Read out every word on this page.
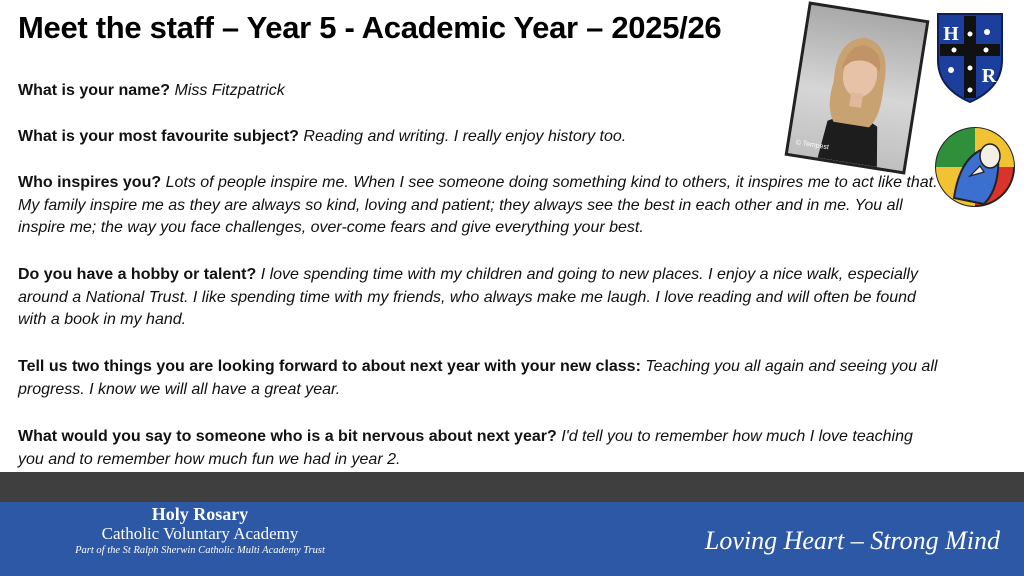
Meet the staff – Year 5 - Academic Year – 2025/26
What is your name? Miss Fitzpatrick
What is your most favourite subject? Reading and writing. I really enjoy history too.
Who inspires you? Lots of people inspire me. When I see someone doing something kind to others, it inspires me to act like that. My family inspire me as they are always so kind, loving and patient; they always see the best in each other and in me. You all inspire me; the way you face challenges, over-come fears and give everything your best.
Do you have a hobby or talent? I love spending time with my children and going to new places. I enjoy a nice walk, especially around a National Trust. I like spending time with my friends, who always make me laugh. I love reading and will often be found with a book in my hand.
Tell us two things you are looking forward to about next year with your new class: Teaching you all again and seeing you all progress. I know we will all have a great year.
What would you say to someone who is a bit nervous about next year? I'd tell you to remember how much I love teaching you and to remember how much fun we had in year 2.
© Tempest
H
R
Holy Rosary
Catholic Voluntary Academy
Part of the St Ralph Sherwin Catholic Multi Academy Trust	Loving Heart – Strong Mind
